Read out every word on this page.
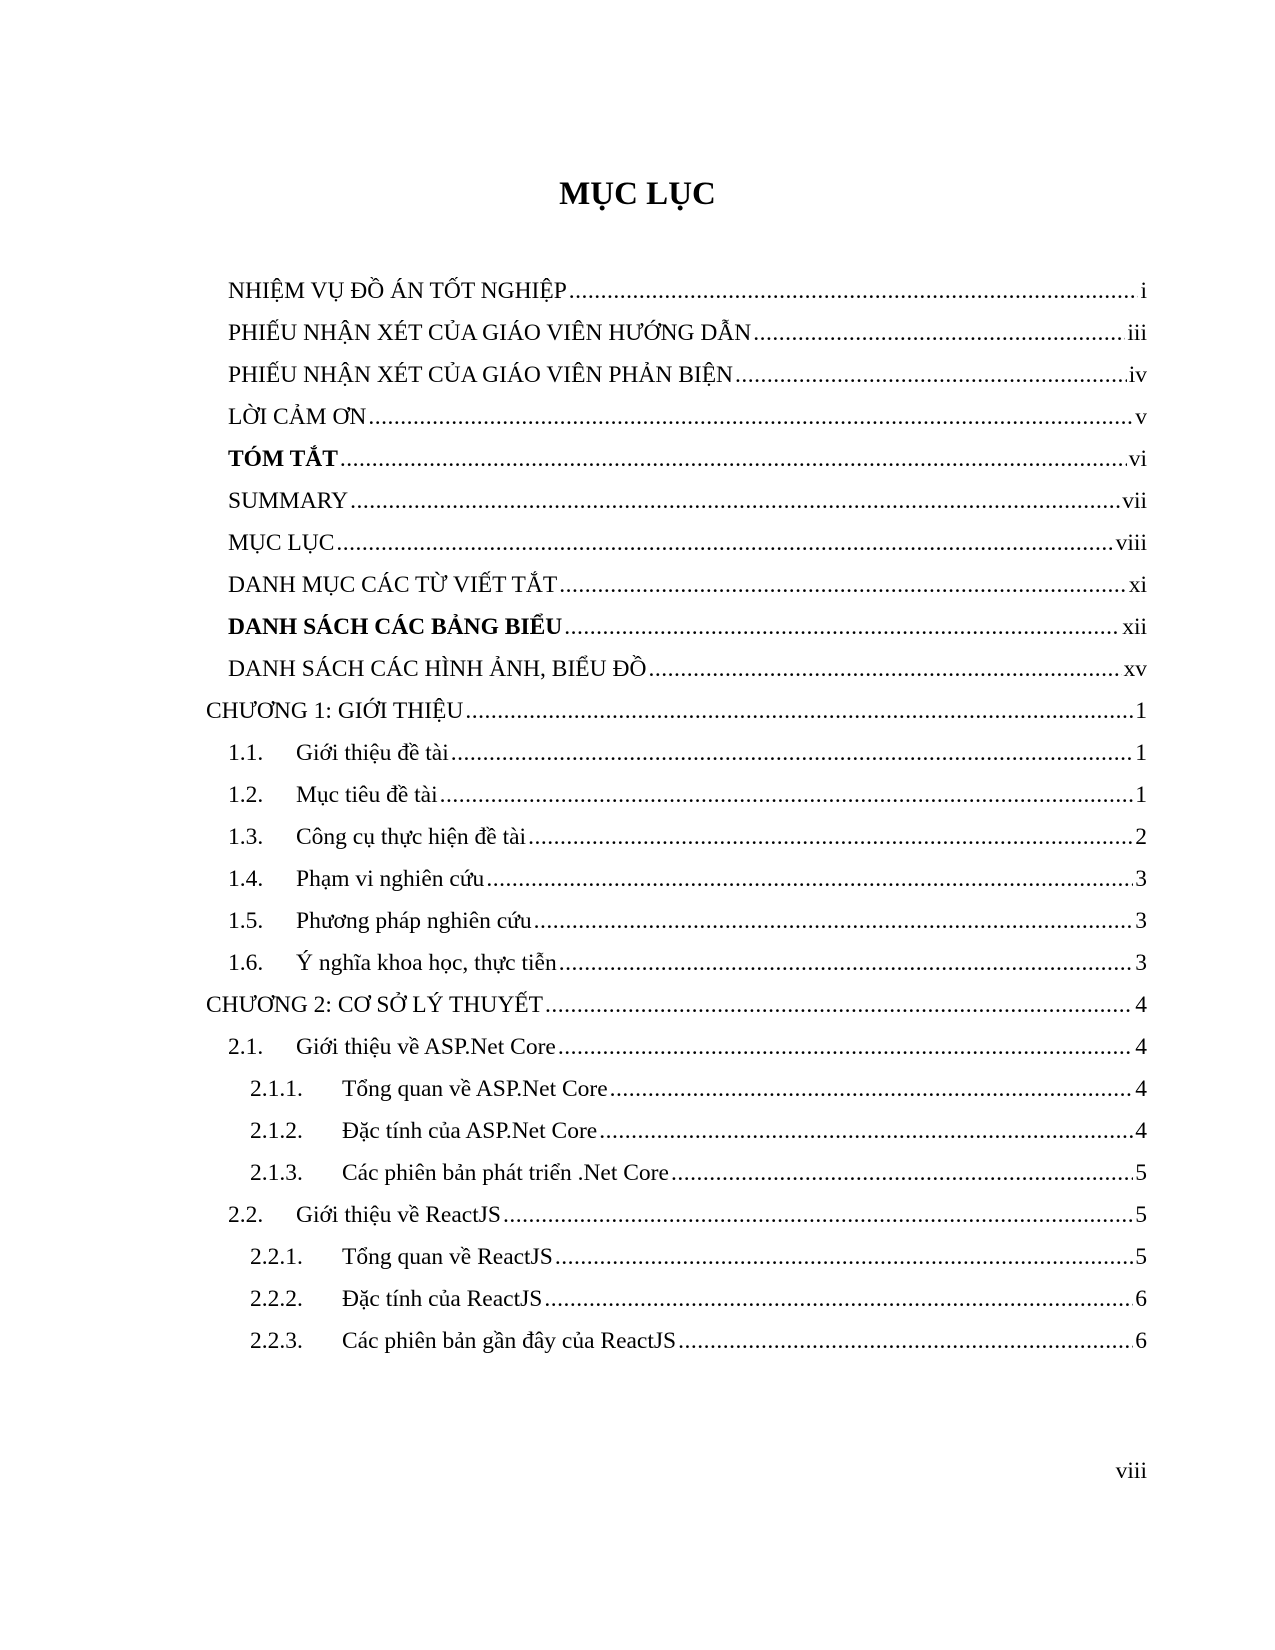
MỤC LỤC
NHIỆM VỤ ĐỒ ÁN TỐT NGHIỆP .....	i
PHIẾU NHẬN XÉT CỦA GIÁO VIÊN HƯỚNG DẪN .....	iii
PHIẾU NHẬN XÉT CỦA GIÁO VIÊN PHẢN BIỆN .....	iv
LỜI CẢM ƠN .....	v
TÓM TẮT .....	vi
SUMMARY .....	vii
MỤC LỤC .....	viii
DANH MỤC CÁC TỪ VIẾT TẮT .....	xi
DANH SÁCH CÁC BẢNG BIỂU .....	xii
DANH SÁCH CÁC HÌNH ẢNH, BIỂU ĐỒ .....	xv
CHƯƠNG 1: GIỚI THIỆU .....	1
1.1.	Giới thiệu đề tài .....	1
1.2.	Mục tiêu đề tài .....	1
1.3.	Công cụ thực hiện đề tài .....	2
1.4.	Phạm vi nghiên cứu .....	3
1.5.	Phương pháp nghiên cứu .....	3
1.6.	Ý nghĩa khoa học, thực tiễn .....	3
CHƯƠNG 2: CƠ SỞ LÝ THUYẾT .....	4
2.1.	Giới thiệu về ASP.Net Core .....	4
2.1.1.	Tổng quan về ASP.Net Core .....	4
2.1.2.	Đặc tính của ASP.Net Core .....	4
2.1.3.	Các phiên bản phát triển .Net Core .....	5
2.2.	Giới thiệu về ReactJS .....	5
2.2.1.	Tổng quan về ReactJS .....	5
2.2.2.	Đặc tính của ReactJS .....	6
2.2.3.	Các phiên bản gần đây của ReactJS .....	6

viii
